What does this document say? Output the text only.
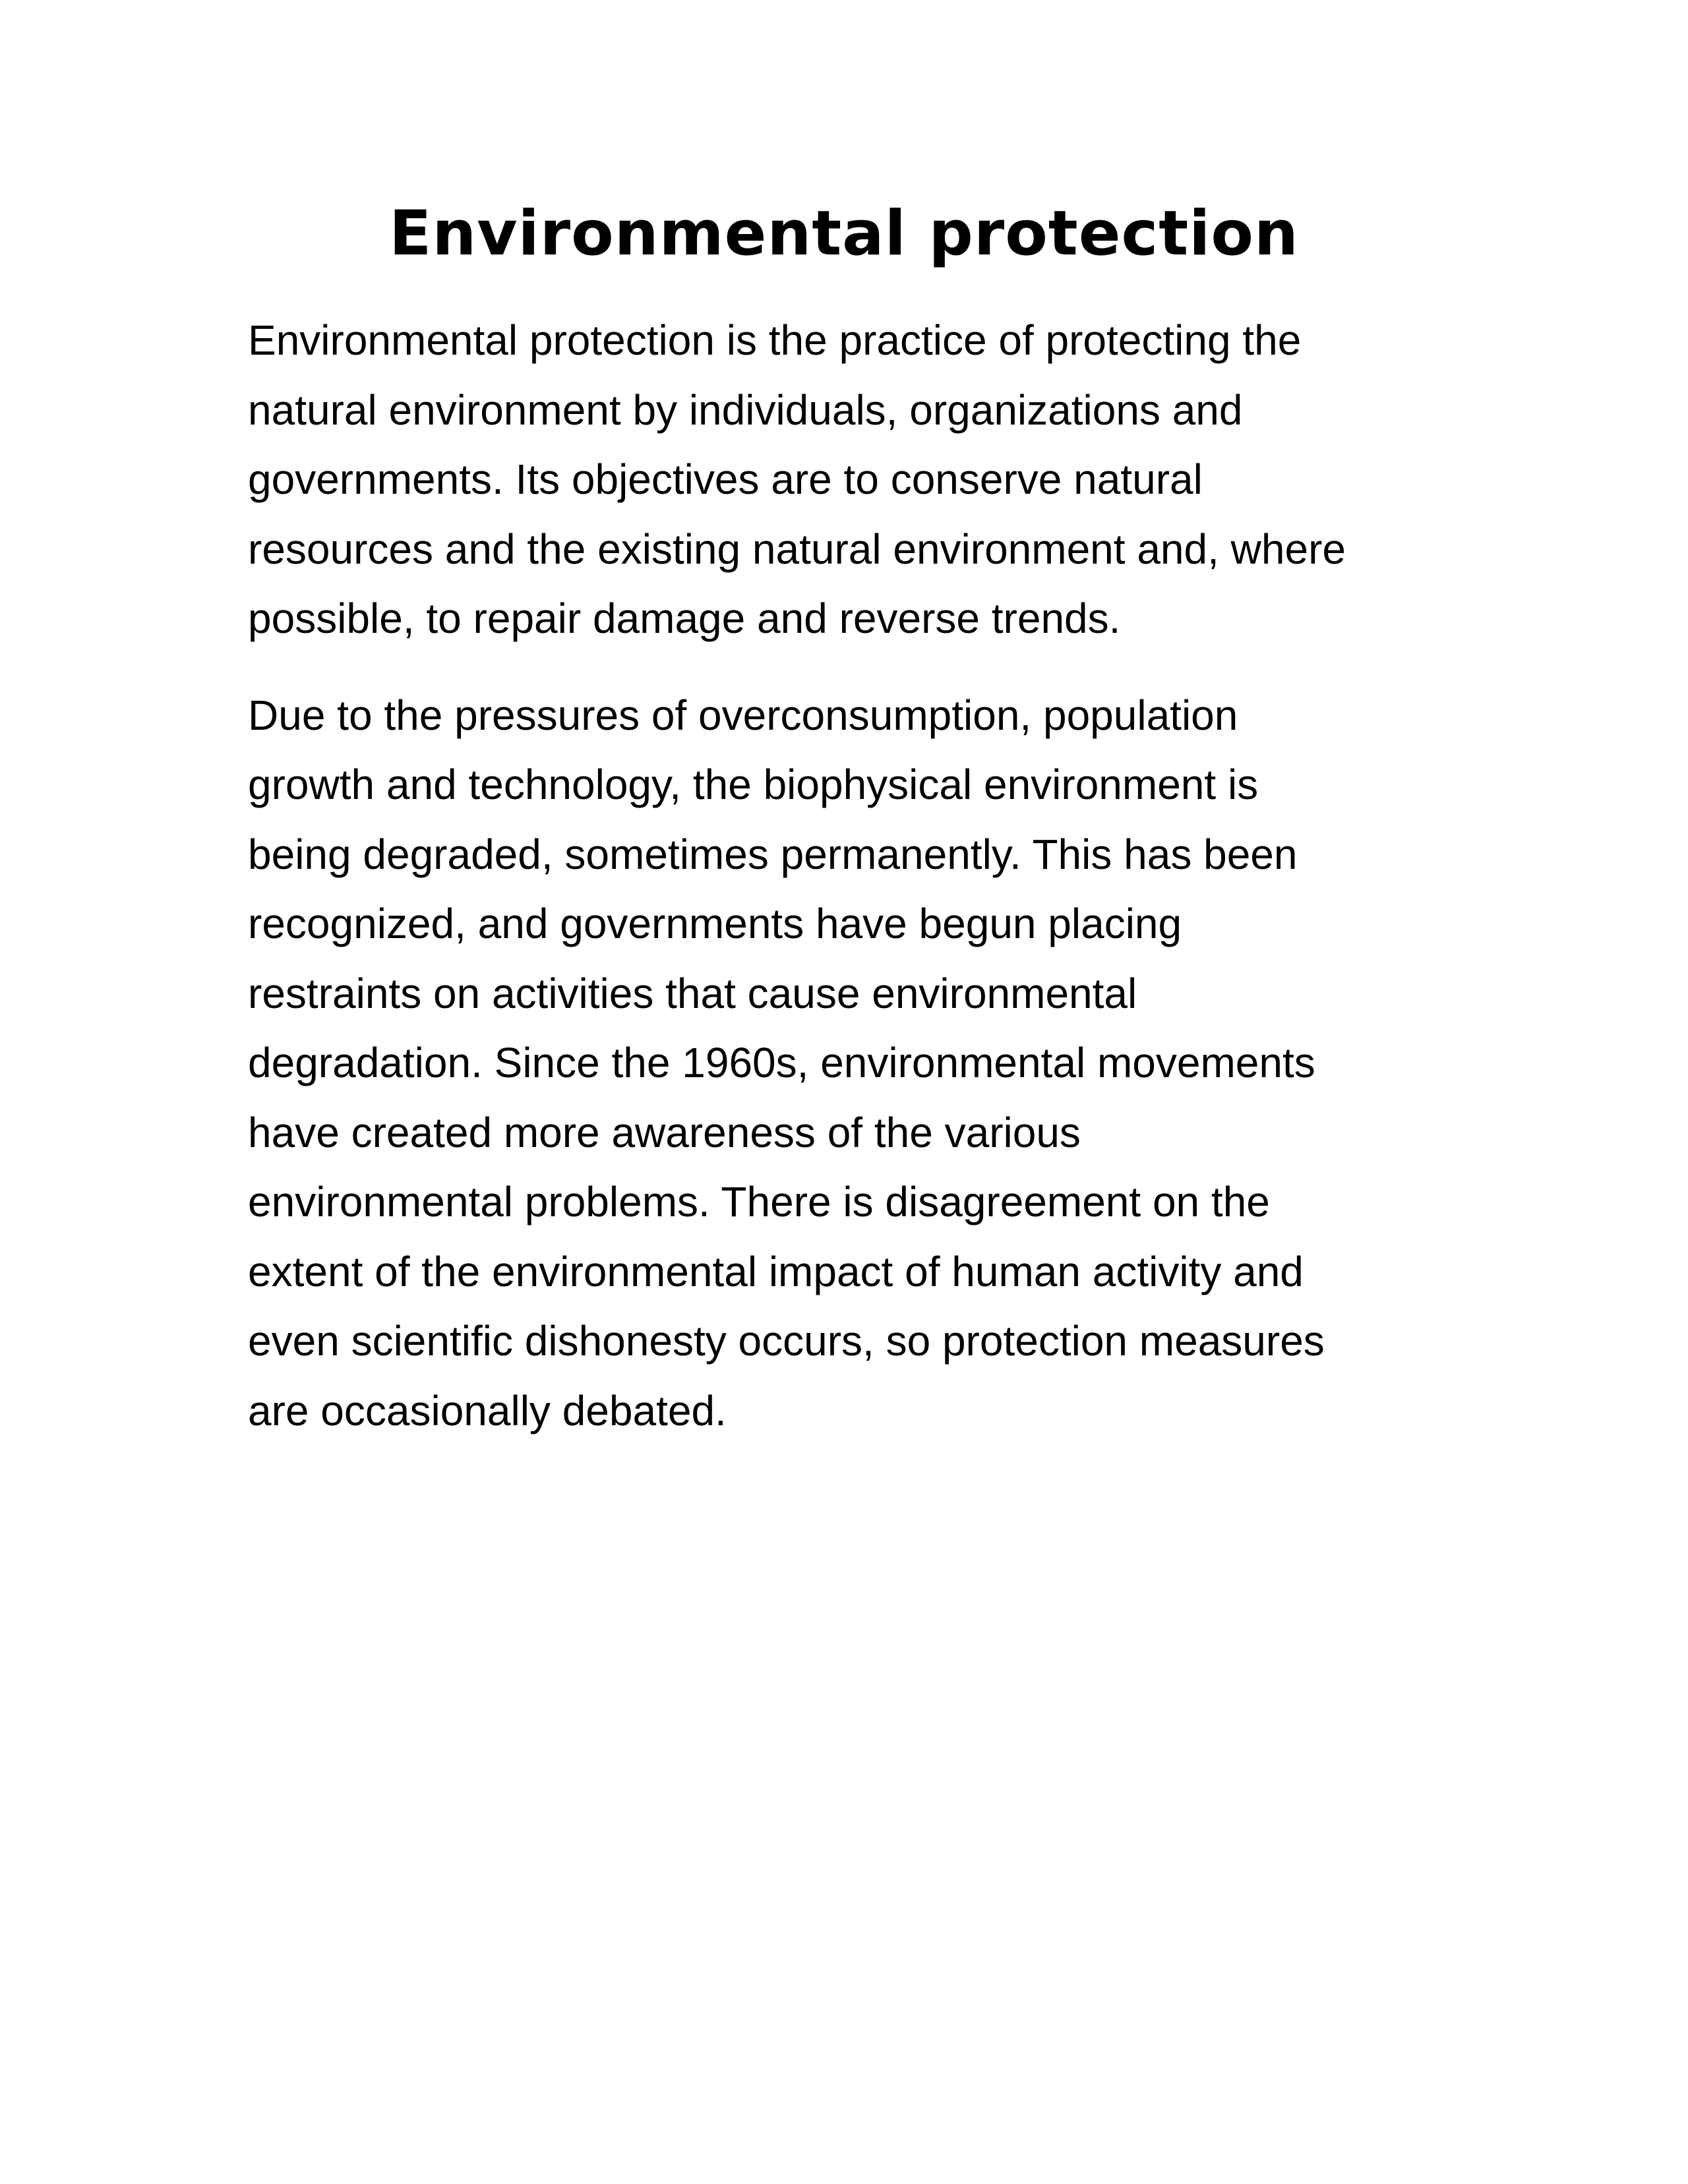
Environmental protection

Environmental protection is the practice of protecting the
natural environment by individuals, organizations and
governments. Its objectives are to conserve natural
resources and the existing natural environment and, where
possible, to repair damage and reverse trends.

Due to the pressures of overconsumption, population
growth and technology, the biophysical environment is
being degraded, sometimes permanently. This has been
recognized, and governments have begun placing
restraints on activities that cause environmental
degradation. Since the 1960s, environmental movements
have created more awareness of the various
environmental problems. There is disagreement on the
extent of the environmental impact of human activity and
even scientific dishonesty occurs, so protection measures
are occasionally debated.
